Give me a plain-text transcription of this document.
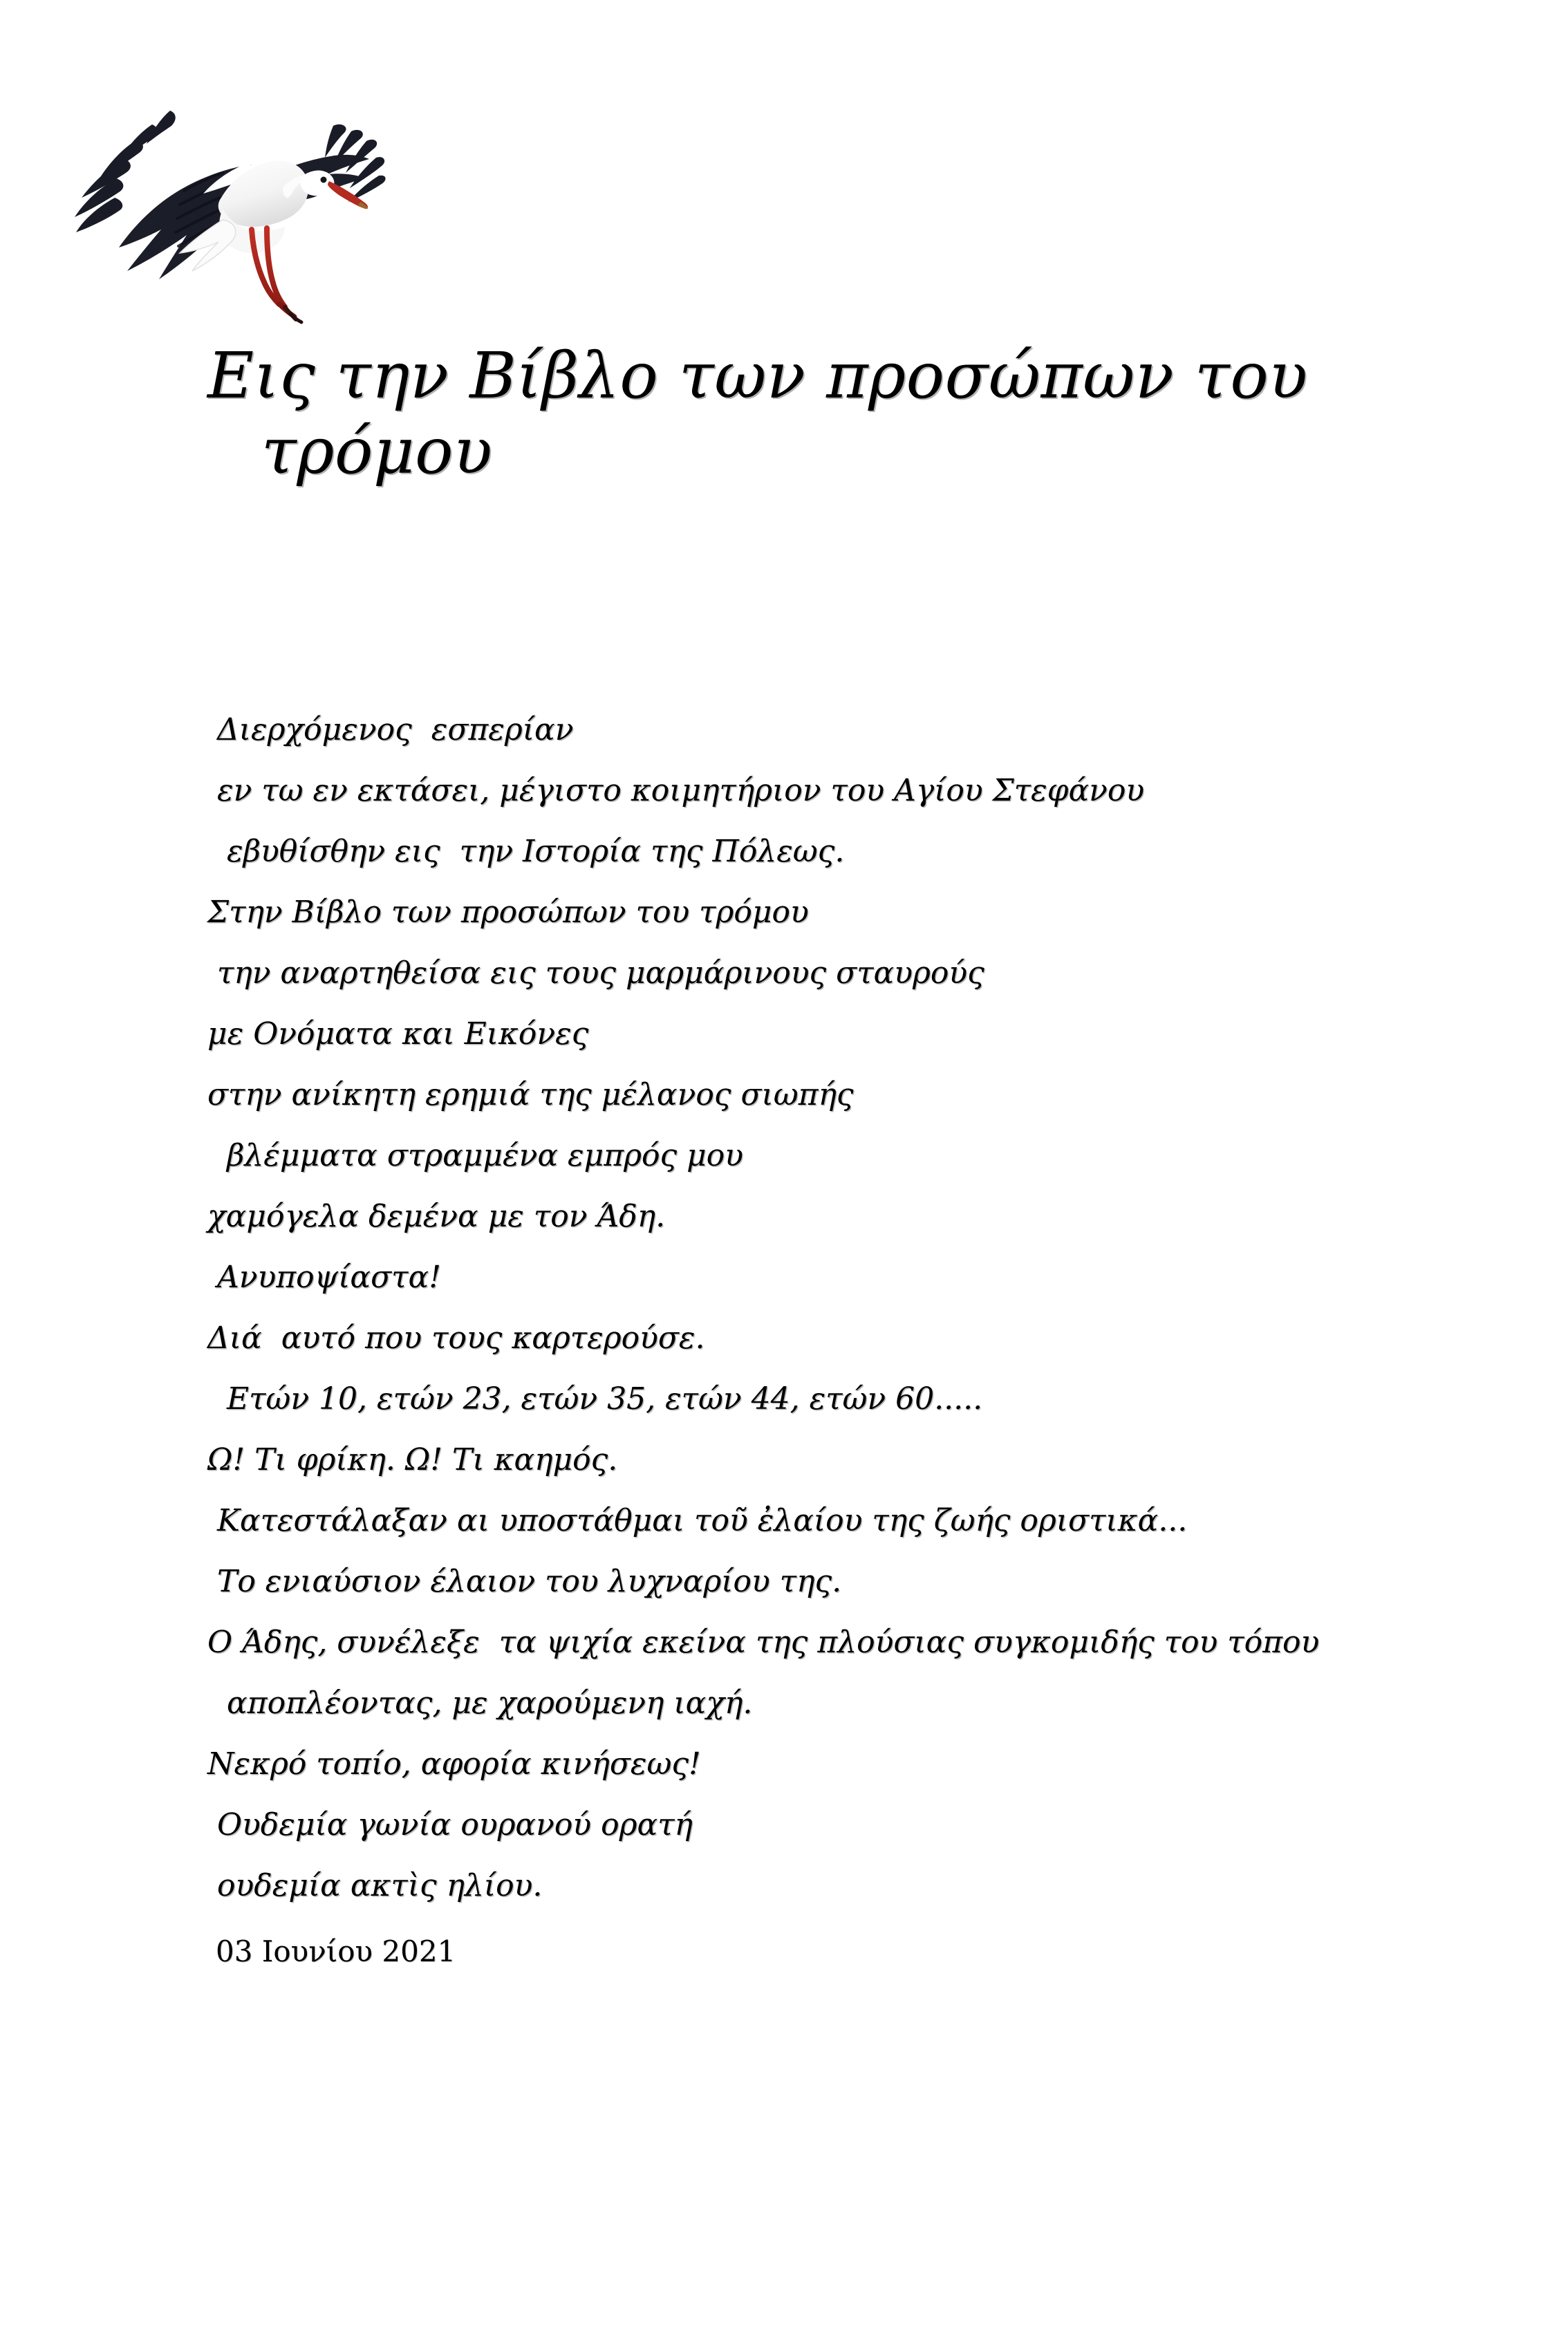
Εις την Βίβλο των προσώπων του
τρόμου
Διερχόμενος  εσπερίαν
εν τω εν εκτάσει, μέγιστο κοιμητήριον του Αγίου Στεφάνου
εβυθίσθην εις  την Ιστορία της Πόλεως.
Στην Βίβλο των προσώπων του τρόμου
την αναρτηθείσα εις τους μαρμάρινους σταυρούς
με Ονόματα και Εικόνες
στην ανίκητη ερημιά της μέλανος σιωπής
βλέμματα στραμμένα εμπρός μου
χαμόγελα δεμένα με τον Άδη.
Ανυποψίαστα!
Διά  αυτό που τους καρτερούσε.
Ετών 10, ετών 23, ετών 35, ετών 44, ετών 60.....
Ω! Τι φρίκη. Ω! Τι καημός.
Κατεστάλαξαν αι υποστάθμαι τοῦ ἐλαίου της ζωής οριστικά...
Το ενιαύσιον έλαιον του λυχναρίου της.
Ο Άδης, συνέλεξε  τα ψιχία εκείνα της πλούσιας συγκομιδής του τόπου
αποπλέοντας, με χαρούμενη ιαχή.
Νεκρό τοπίο, αφορία κινήσεως!
Ουδεμία γωνία ουρανού ορατή
ουδεμία ακτὶς ηλίου.
03 Ιουνίου 2021
